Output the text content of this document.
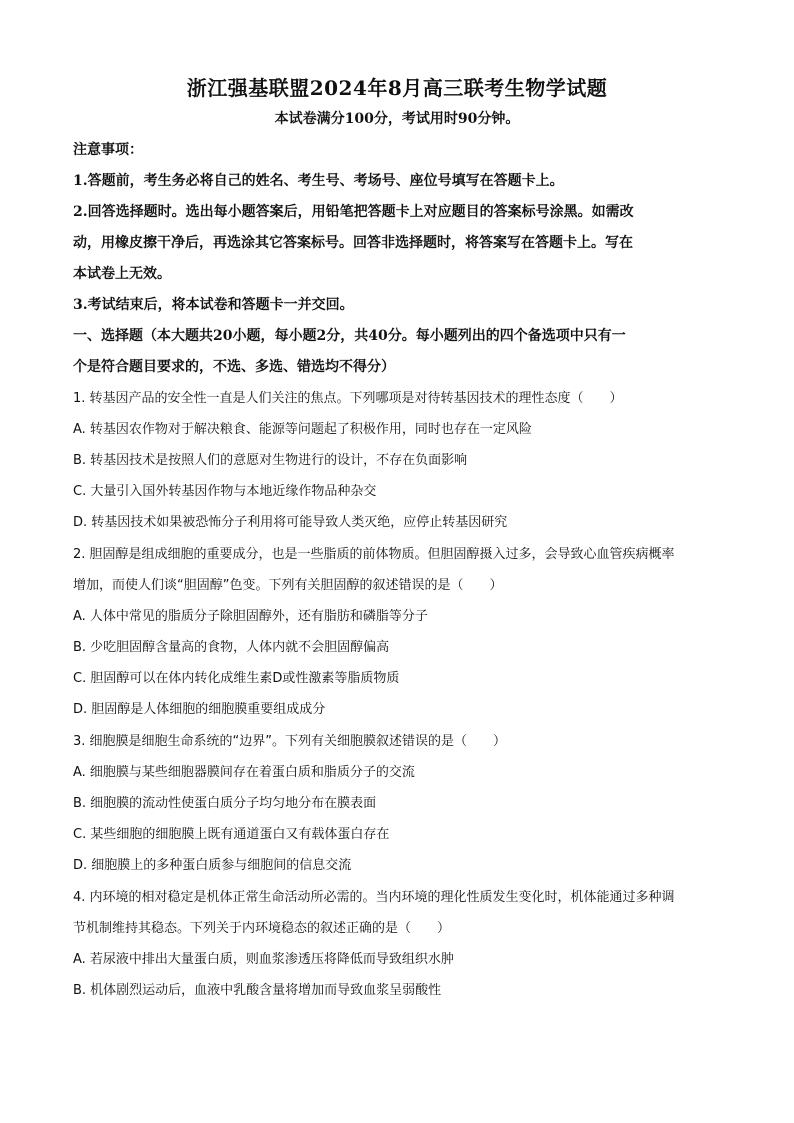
浙江强基联盟2024年8月高三联考生物学试题
本试卷满分100分，考试用时90分钟。
注意事项：
1.答题前，考生务必将自己的姓名、考生号、考场号、座位号填写在答题卡上。
2.回答选择题时。选出每小题答案后，用铅笔把答题卡上对应题目的答案标号涂黑。如需改
动，用橡皮擦干净后，再选涂其它答案标号。回答非选择题时，将答案写在答题卡上。写在
本试卷上无效。
3.考试结束后，将本试卷和答题卡一并交回。
一、选择题（本大题共20小题，每小题2分，共40分。每小题列出的四个备选项中只有一
个是符合题目要求的，不选、多选、错选均不得分）
1. 转基因产品的安全性一直是人们关注的焦点。下列哪项是对待转基因技术的理性态度（　　）
A. 转基因农作物对于解决粮食、能源等问题起了积极作用，同时也存在一定风险
B. 转基因技术是按照人们的意愿对生物进行的设计，不存在负面影响
C. 大量引入国外转基因作物与本地近缘作物品种杂交
D. 转基因技术如果被恐怖分子利用将可能导致人类灭绝，应停止转基因研究
2. 胆固醇是组成细胞的重要成分，也是一些脂质的前体物质。但胆固醇摄入过多，会导致心血管疾病概率
增加，而使人们谈“胆固醇”色变。下列有关胆固醇的叙述错误的是（　　）
A. 人体中常见的脂质分子除胆固醇外，还有脂肪和磷脂等分子
B. 少吃胆固醇含量高的食物，人体内就不会胆固醇偏高
C. 胆固醇可以在体内转化成维生素D或性激素等脂质物质
D. 胆固醇是人体细胞的细胞膜重要组成成分
3. 细胞膜是细胞生命系统的“边界”。下列有关细胞膜叙述错误的是（　　）
A. 细胞膜与某些细胞器膜间存在着蛋白质和脂质分子的交流
B. 细胞膜的流动性使蛋白质分子均匀地分布在膜表面
C. 某些细胞的细胞膜上既有通道蛋白又有载体蛋白存在
D. 细胞膜上的多种蛋白质参与细胞间的信息交流
4. 内环境的相对稳定是机体正常生命活动所必需的。当内环境的理化性质发生变化时，机体能通过多种调
节机制维持其稳态。下列关于内环境稳态的叙述正确的是（　　）
A. 若尿液中排出大量蛋白质，则血浆渗透压将降低而导致组织水肿
B. 机体剧烈运动后，血液中乳酸含量将增加而导致血浆呈弱酸性
